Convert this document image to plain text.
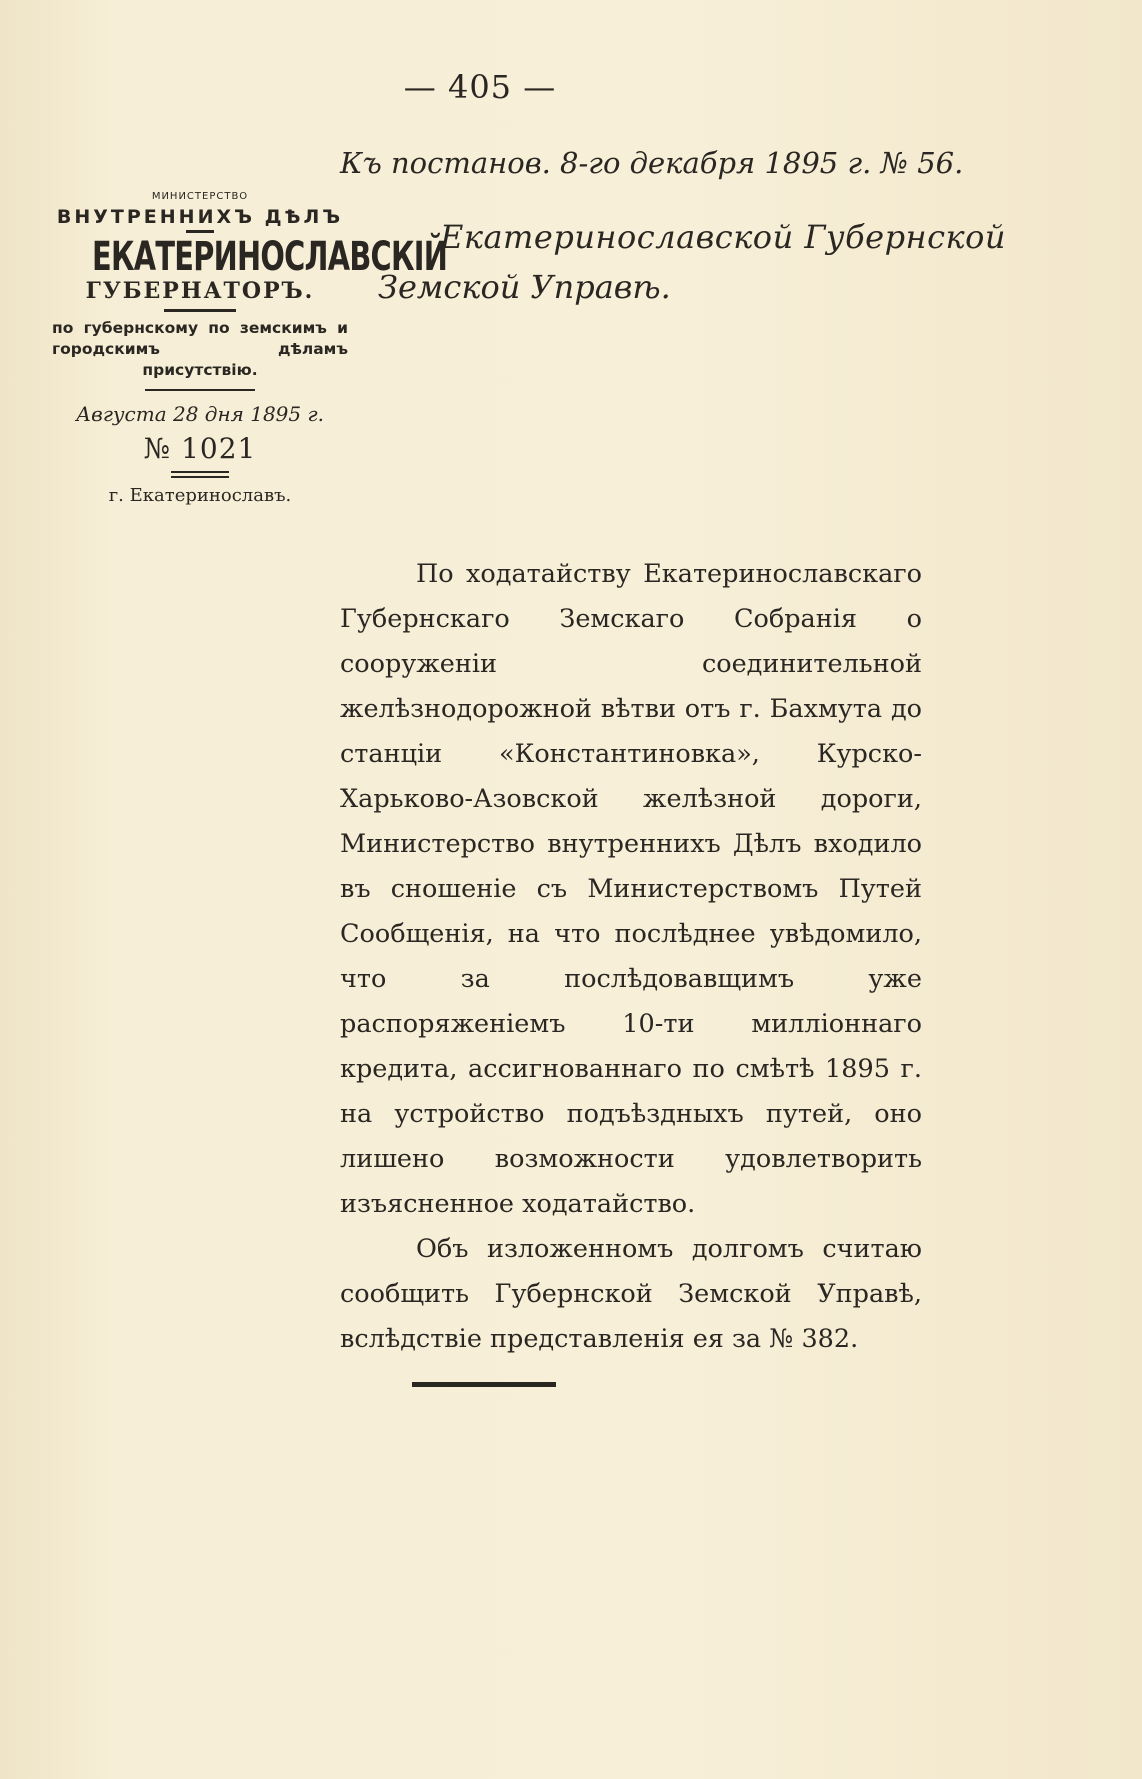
— 405 —

министерство

ВНУТРЕННИХЪ ДѢЛЪ

ЕКАТЕРИНОСЛАВСКІЙ

ГУБЕРНАТОРЪ.

по губернскому по земскимъ и городскимъ дѣламъ присутствію.

Августа 28 дня 1895 г.

№ 1021

г. Екатеринославъ.

Къ постанов. 8-го декабря 1895 г. № 56.
Екатеринославской Губернской
Земской Управѣ.

По ходатайству Екатеринославскаго Губернскаго Земскаго Собранія о сооруженіи соединительной желѣзнодорожной вѣтви отъ г. Бахмута до станціи «Константиновка», Курско-Харьково-Азовской желѣзной дороги, Министерство внутреннихъ Дѣлъ входило въ сношеніе съ Министерствомъ Путей Сообщенія, на что послѣднее увѣдомило, что за послѣдовавщимъ уже распоряженіемъ 10-ти милліоннаго кредита, ассигнованнаго по смѣтѣ 1895 г. на устройство подъѣздныхъ путей, оно лишено возможности удовлетворить изъясненное ходатайство.

Объ изложенномъ долгомъ считаю сообщить Губернской Земской Управѣ, вслѣдствіе представленія ея за № 382.
